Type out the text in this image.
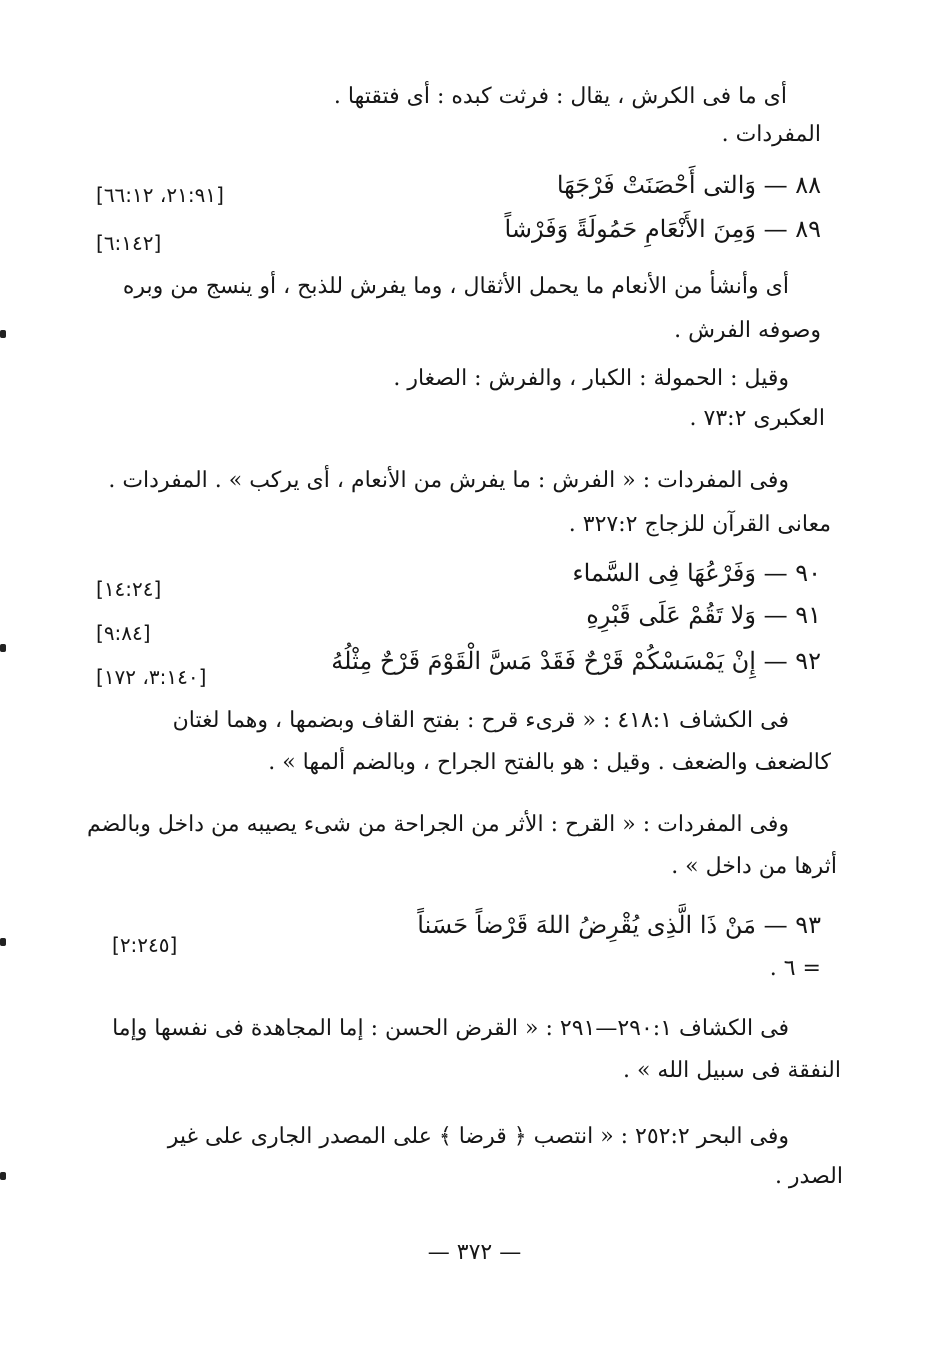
أى ما فى الكرش ، يقال : فرثت كبده : أى فتقتها .
المفردات .
٨٨ — وَالتى أَحْصَنَتْ فَرْجَهَا
[٢١:٩١، ٦٦:١٢]
٨٩ — وَمِنَ الأَنْعَامِ حَمُولَةً وَفَرْشاً
[٦:١٤٢]
أى وأنشأ من الأنعام ما يحمل الأثقال ، وما يفرش للذبح ، أو ينسج من وبره
وصوفه الفرش .
وقيل : الحمولة : الكبار ، والفرش : الصغار .
العكبرى ٧٣:٢ .
وفى المفردات : « الفرش : ما يفرش من الأنعام ، أى يركب » . المفردات .
معانى القرآن للزجاج ٣٢٧:٢ .
٩٠ — وَفَرْعُهَا فِى السَّماء
[١٤:٢٤]
٩١ — وَلا تَقُمْ عَلَى قَبْرِهِ
[٩:٨٤]
٩٢ — إِنْ يَمْسَسْكُمْ قَرْحٌ فَقَدْ مَسَّ الْقَوْمَ قَرْحٌ مِثْلُهُ
[٣:١٤٠، ١٧٢]
فى الكشاف ٤١٨:١ : « قرىء قرح : بفتح القاف وبضمها ، وهما لغتان
كالضعف والضعف . وقيل : هو بالفتح الجراح ، وبالضم ألمها » .
وفى المفردات : « القرح : الأثر من الجراحة من شىء يصيبه من داخل وبالضم
أثرها من داخل » .
٩٣ — مَنْ ذَا الَّذِى يُقْرِضُ اللهَ قَرْضاً حَسَناً
[٢:٢٤٥]
= ٦ .
فى الكشاف ٢٩٠:١—٢٩١ : « القرض الحسن : إما المجاهدة فى نفسها وإما
النفقة فى سبيل الله » .
وفى البحر ٢٥٢:٢ : « انتصب ﴿ قرضا ﴾ على المصدر الجارى على غير
الصدر .
— ٣٧٢ —
